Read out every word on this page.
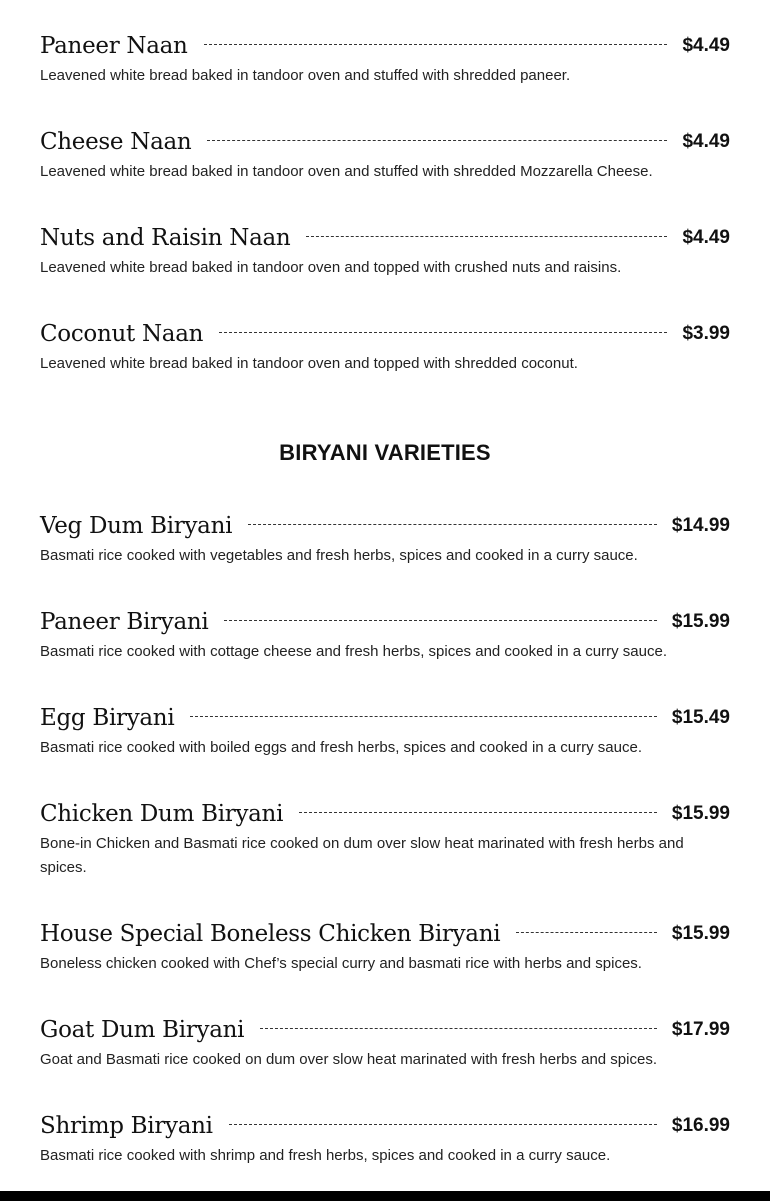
Paneer Naan	$4.49
Leavened white bread baked in tandoor oven and stuffed with shredded paneer.
Cheese Naan	$4.49
Leavened white bread baked in tandoor oven and stuffed with shredded Mozzarella Cheese.
Nuts and Raisin Naan	$4.49
Leavened white bread baked in tandoor oven and topped with crushed nuts and raisins.
Coconut Naan	$3.99
Leavened white bread baked in tandoor oven and topped with shredded coconut.
BIRYANI VARIETIES
Veg Dum Biryani	$14.99
Basmati rice cooked with vegetables and fresh herbs, spices and cooked in a curry sauce.
Paneer Biryani	$15.99
Basmati rice cooked with cottage cheese and fresh herbs, spices and cooked in a curry sauce.
Egg Biryani	$15.49
Basmati rice cooked with boiled eggs and fresh herbs, spices and cooked in a curry sauce.
Chicken Dum Biryani	$15.99
Bone-in Chicken and Basmati rice cooked on dum over slow heat marinated with fresh herbs and spices.
House Special Boneless Chicken Biryani	$15.99
Boneless chicken cooked with Chef’s special curry and basmati rice with herbs and spices.
Goat Dum Biryani	$17.99
Goat and Basmati rice cooked on dum over slow heat marinated with fresh herbs and spices.
Shrimp Biryani	$16.99
Basmati rice cooked with shrimp and fresh herbs, spices and cooked in a curry sauce.
